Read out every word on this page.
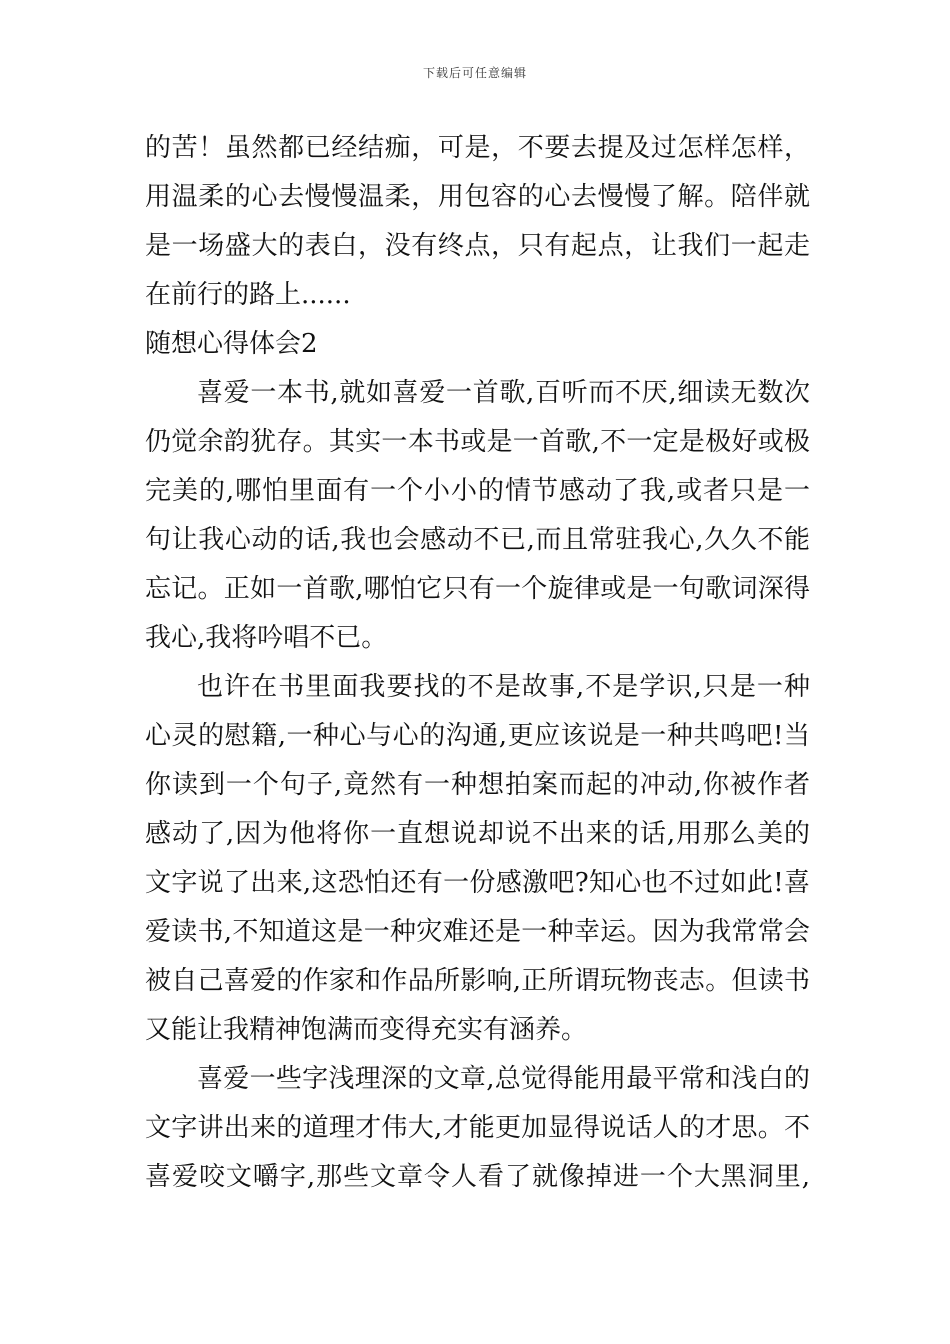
下载后可任意编辑
的苦！虽然都已经结痂，可是，不要去提及过怎样怎样，
用温柔的心去慢慢温柔，用包容的心去慢慢了解。陪伴就
是一场盛大的表白，没有终点，只有起点，让我们一起走
在前行的路上......
随想心得体会2
喜爱一本书,就如喜爱一首歌,百听而不厌,细读无数次
仍觉余韵犹存。其实一本书或是一首歌,不一定是极好或极
完美的,哪怕里面有一个小小的情节感动了我,或者只是一
句让我心动的话,我也会感动不已,而且常驻我心,久久不能
忘记。正如一首歌,哪怕它只有一个旋律或是一句歌词深得
我心,我将吟唱不已。
也许在书里面我要找的不是故事,不是学识,只是一种
心灵的慰籍,一种心与心的沟通,更应该说是一种共鸣吧!当
你读到一个句子,竟然有一种想拍案而起的冲动,你被作者
感动了,因为他将你一直想说却说不出来的话,用那么美的
文字说了出来,这恐怕还有一份感激吧?知心也不过如此!喜
爱读书,不知道这是一种灾难还是一种幸运。因为我常常会
被自己喜爱的作家和作品所影响,正所谓玩物丧志。但读书
又能让我精神饱满而变得充实有涵养。
喜爱一些字浅理深的文章,总觉得能用最平常和浅白的
文字讲出来的道理才伟大,才能更加显得说话人的才思。不
喜爱咬文嚼字,那些文章令人看了就像掉进一个大黑洞里,
